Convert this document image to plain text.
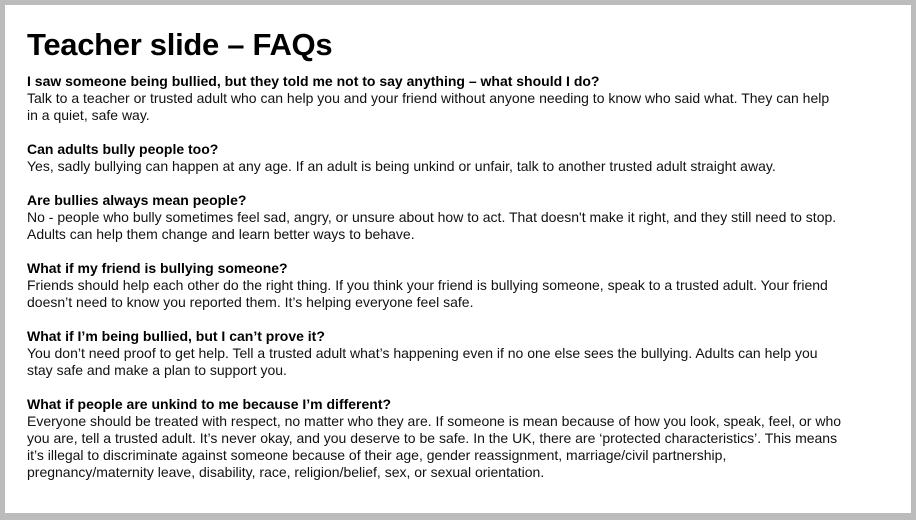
Teacher slide – FAQs
I saw someone being bullied, but they told me not to say anything – what should I do?
Talk to a teacher or trusted adult who can help you and your friend without anyone needing to know who said what. They can help
in a quiet, safe way.
Can adults bully people too?
Yes, sadly bullying can happen at any age. If an adult is being unkind or unfair, talk to another trusted adult straight away.
Are bullies always mean people?
No - people who bully sometimes feel sad, angry, or unsure about how to act. That doesn't make it right, and they still need to stop.
Adults can help them change and learn better ways to behave.
What if my friend is bullying someone?
Friends should help each other do the right thing. If you think your friend is bullying someone, speak to a trusted adult. Your friend
doesn’t need to know you reported them. It’s helping everyone feel safe.
What if I’m being bullied, but I can’t prove it?
You don’t need proof to get help. Tell a trusted adult what’s happening even if no one else sees the bullying. Adults can help you
stay safe and make a plan to support you.
What if people are unkind to me because I’m different?
Everyone should be treated with respect, no matter who they are. If someone is mean because of how you look, speak, feel, or who
you are, tell a trusted adult. It’s never okay, and you deserve to be safe. In the UK, there are ‘protected characteristics’. This means
it’s illegal to discriminate against someone because of their age, gender reassignment, marriage/civil partnership,
pregnancy/maternity leave, disability, race, religion/belief, sex, or sexual orientation.
